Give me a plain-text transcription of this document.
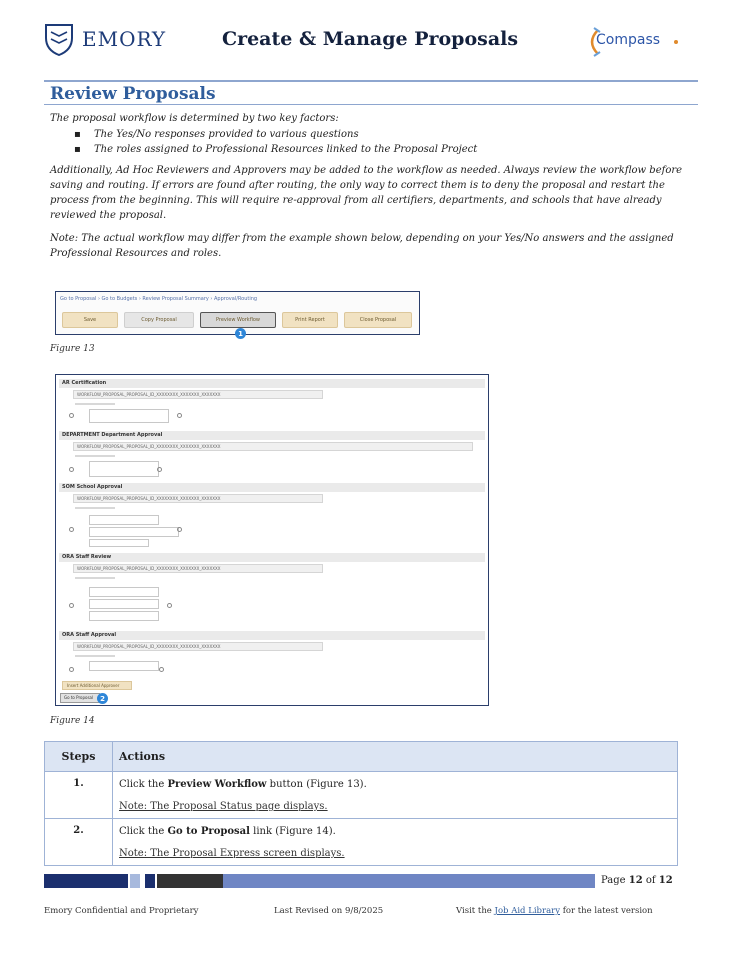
EMORY	Create & Manage Proposals	Compass
Review Proposals
The proposal workflow is determined by two key factors:
▪ The Yes/No responses provided to various questions
▪ The roles assigned to Professional Resources linked to the Proposal Project

Additionally, Ad Hoc Reviewers and Approvers may be added to the workflow as needed. Always review the workflow before saving and routing. If errors are found after routing, the only way to correct them is to deny the proposal and restart the process from the beginning. This will require re-approval from all certifiers, departments, and schools that have already reviewed the proposal.

Note: The actual workflow may differ from the example shown below, depending on your Yes/No answers and the assigned Professional Resources and roles.

Go to Proposal › Go to Budgets › Review Proposal Summary › Approval/Routing
Save	Copy Proposal	Preview Workflow	Print Report	Close Proposal
1
Figure 13
AR Certification
WORKFLOW_PROPOSAL_PROPOSAL_ID_XXXXXXXX_XXXXXXX_XXXXXXX
DEPARTMENT Department Approval
WORKFLOW_PROPOSAL_PROPOSAL_ID_XXXXXXXX_XXXXXXX_XXXXXXX
SOM School Approval
WORKFLOW_PROPOSAL_PROPOSAL_ID_XXXXXXXX_XXXXXXX_XXXXXXX
ORA Staff Review
WORKFLOW_PROPOSAL_PROPOSAL_ID_XXXXXXXX_XXXXXXX_XXXXXXX
ORA Staff Approval
WORKFLOW_PROPOSAL_PROPOSAL_ID_XXXXXXXX_XXXXXXX_XXXXXXX
Insert Additional Approver
Go to Proposal 2
Figure 14
Steps	Actions
1.	Click the Preview Workflow button (Figure 13).
Note: The Proposal Status page displays.

2.	Click the Go to Proposal link (Figure 14).
Note: The Proposal Express screen displays.
Page 12 of 12
Emory Confidential and Proprietary	Last Revised on 9/8/2025	Visit the Job Aid Library for the latest version
